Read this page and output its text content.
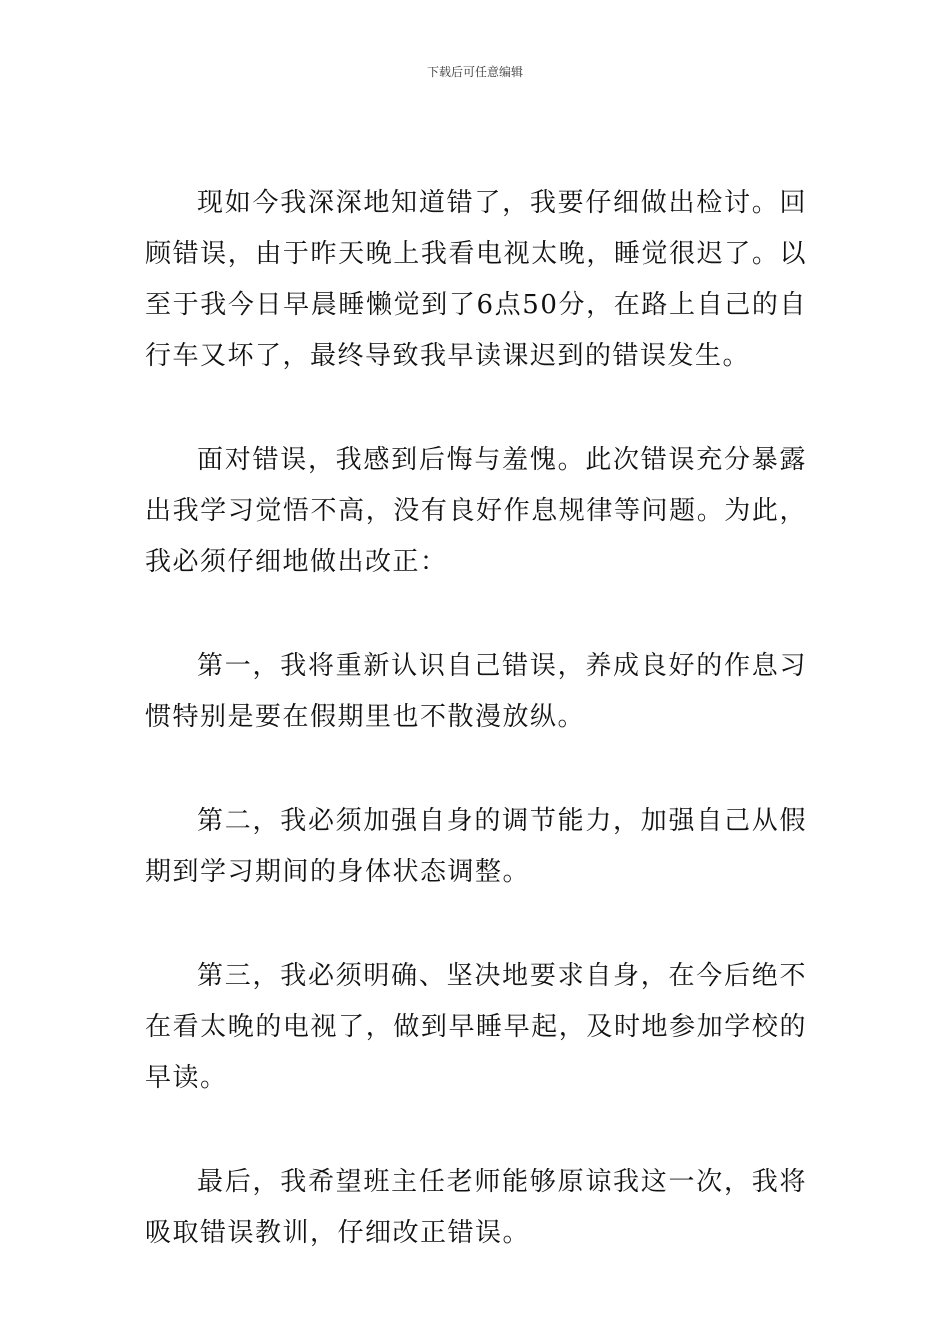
下载后可任意编辑

现如今我深深地知道错了，我要仔细做出检讨。回顾错误，由于昨天晚上我看电视太晚，睡觉很迟了。以至于我今日早晨睡懒觉到了6点50分，在路上自己的自行车又坏了，最终导致我早读课迟到的错误发生。

面对错误，我感到后悔与羞愧。此次错误充分暴露出我学习觉悟不高，没有良好作息规律等问题。为此，我必须仔细地做出改正：

第一，我将重新认识自己错误，养成良好的作息习惯特别是要在假期里也不散漫放纵。

第二，我必须加强自身的调节能力，加强自己从假期到学习期间的身体状态调整。

第三，我必须明确、坚决地要求自身，在今后绝不在看太晚的电视了，做到早睡早起，及时地参加学校的早读。

最后，我希望班主任老师能够原谅我这一次，我将吸取错误教训，仔细改正错误。
